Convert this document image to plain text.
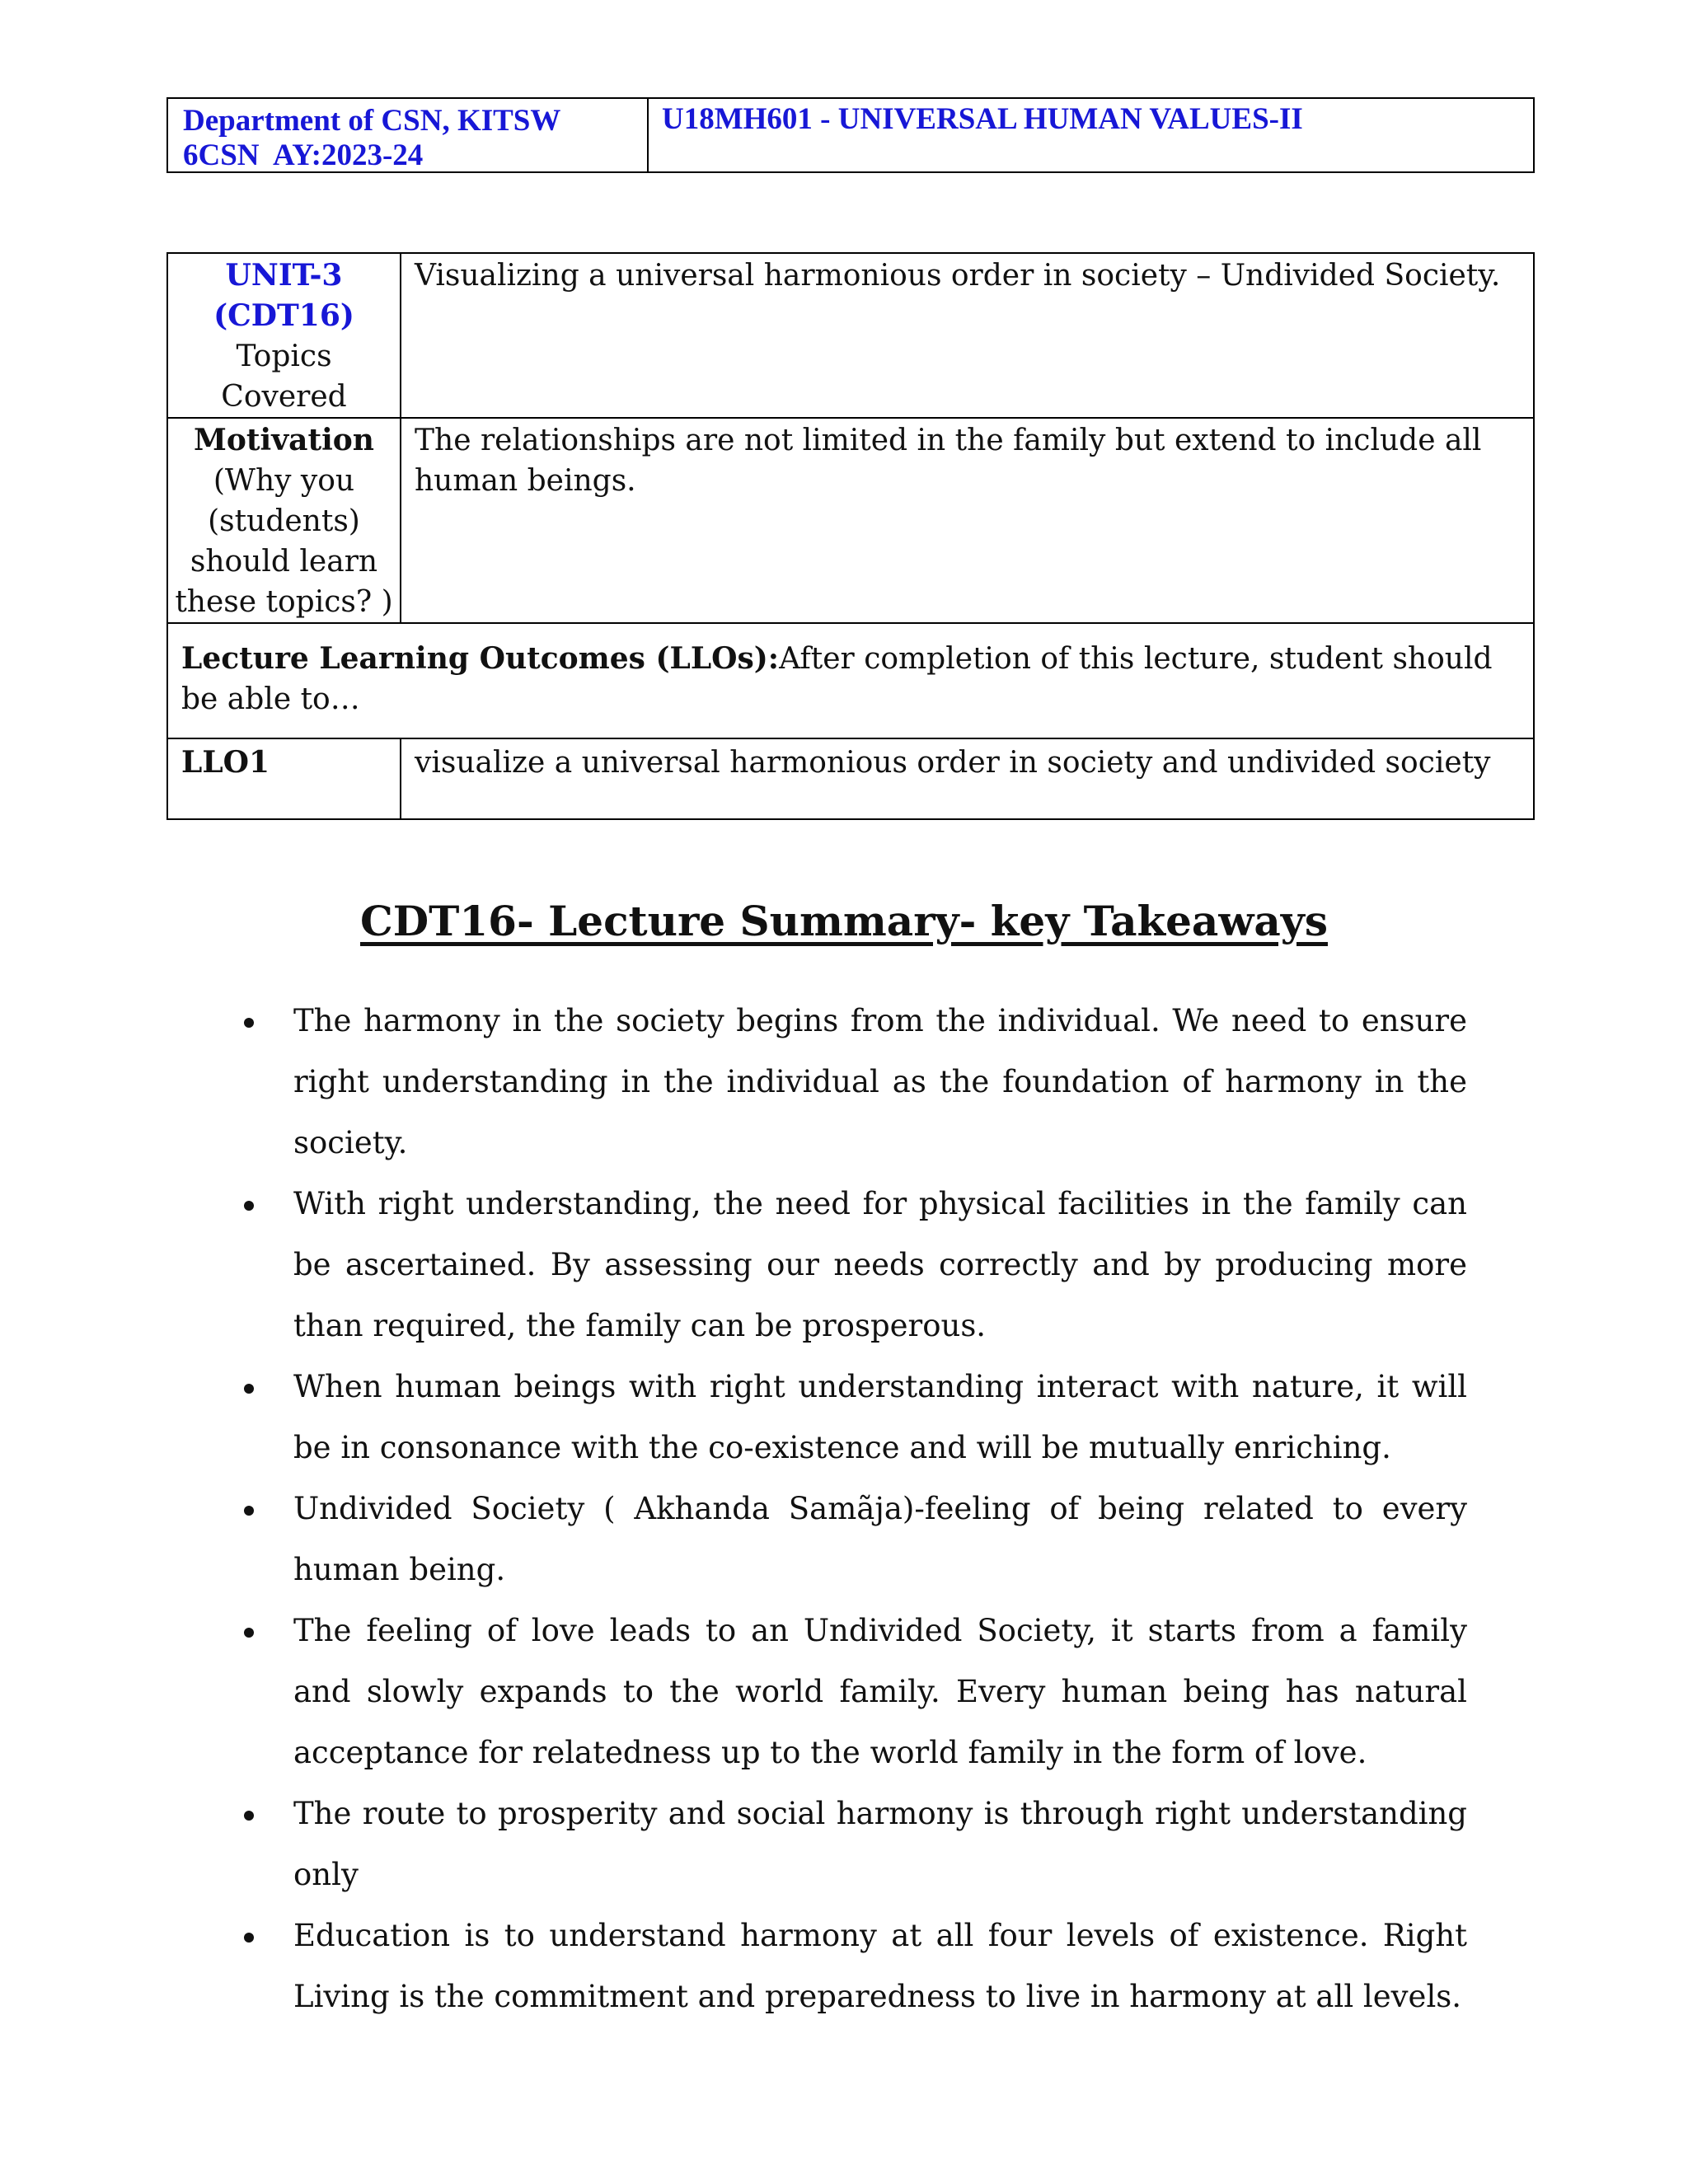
Department of CSN, KITSW
6CSN  AY:2023-24
U18MH601 - UNIVERSAL HUMAN VALUES-II
UNIT-3
(CDT16)
Topics Covered	Visualizing a universal harmonious order in society – Undivided Society.

Motivation
(Why you (students) should learn these topics? )	The relationships are not limited in the family but extend to include all human beings.
Lecture Learning Outcomes (LLOs):After completion of this lecture, student should be able to…	
LLO1	visualize a universal harmonious order in society and undivided society
CDT16- Lecture Summary- key Takeaways
The harmony in the society begins from the individual. We need to ensure right understanding in the individual as the foundation of harmony in the society.
With right understanding, the need for physical facilities in the family can be ascertained. By assessing our needs correctly and by producing more than required, the family can be prosperous.
When human beings with right understanding interact with nature, it will be in consonance with the co-existence and will be mutually enriching.
Undivided Society ( Akhanda Samãja)-feeling of being related to every human being.
The feeling of love leads to an Undivided Society, it starts from a family and slowly expands to the world family. Every human being has natural acceptance for relatedness up to the world family in the form of love.
The route to prosperity and social harmony is through right understanding only
Education is to understand harmony at all four levels of existence. Right Living is the commitment and preparedness to live in harmony at all levels.
